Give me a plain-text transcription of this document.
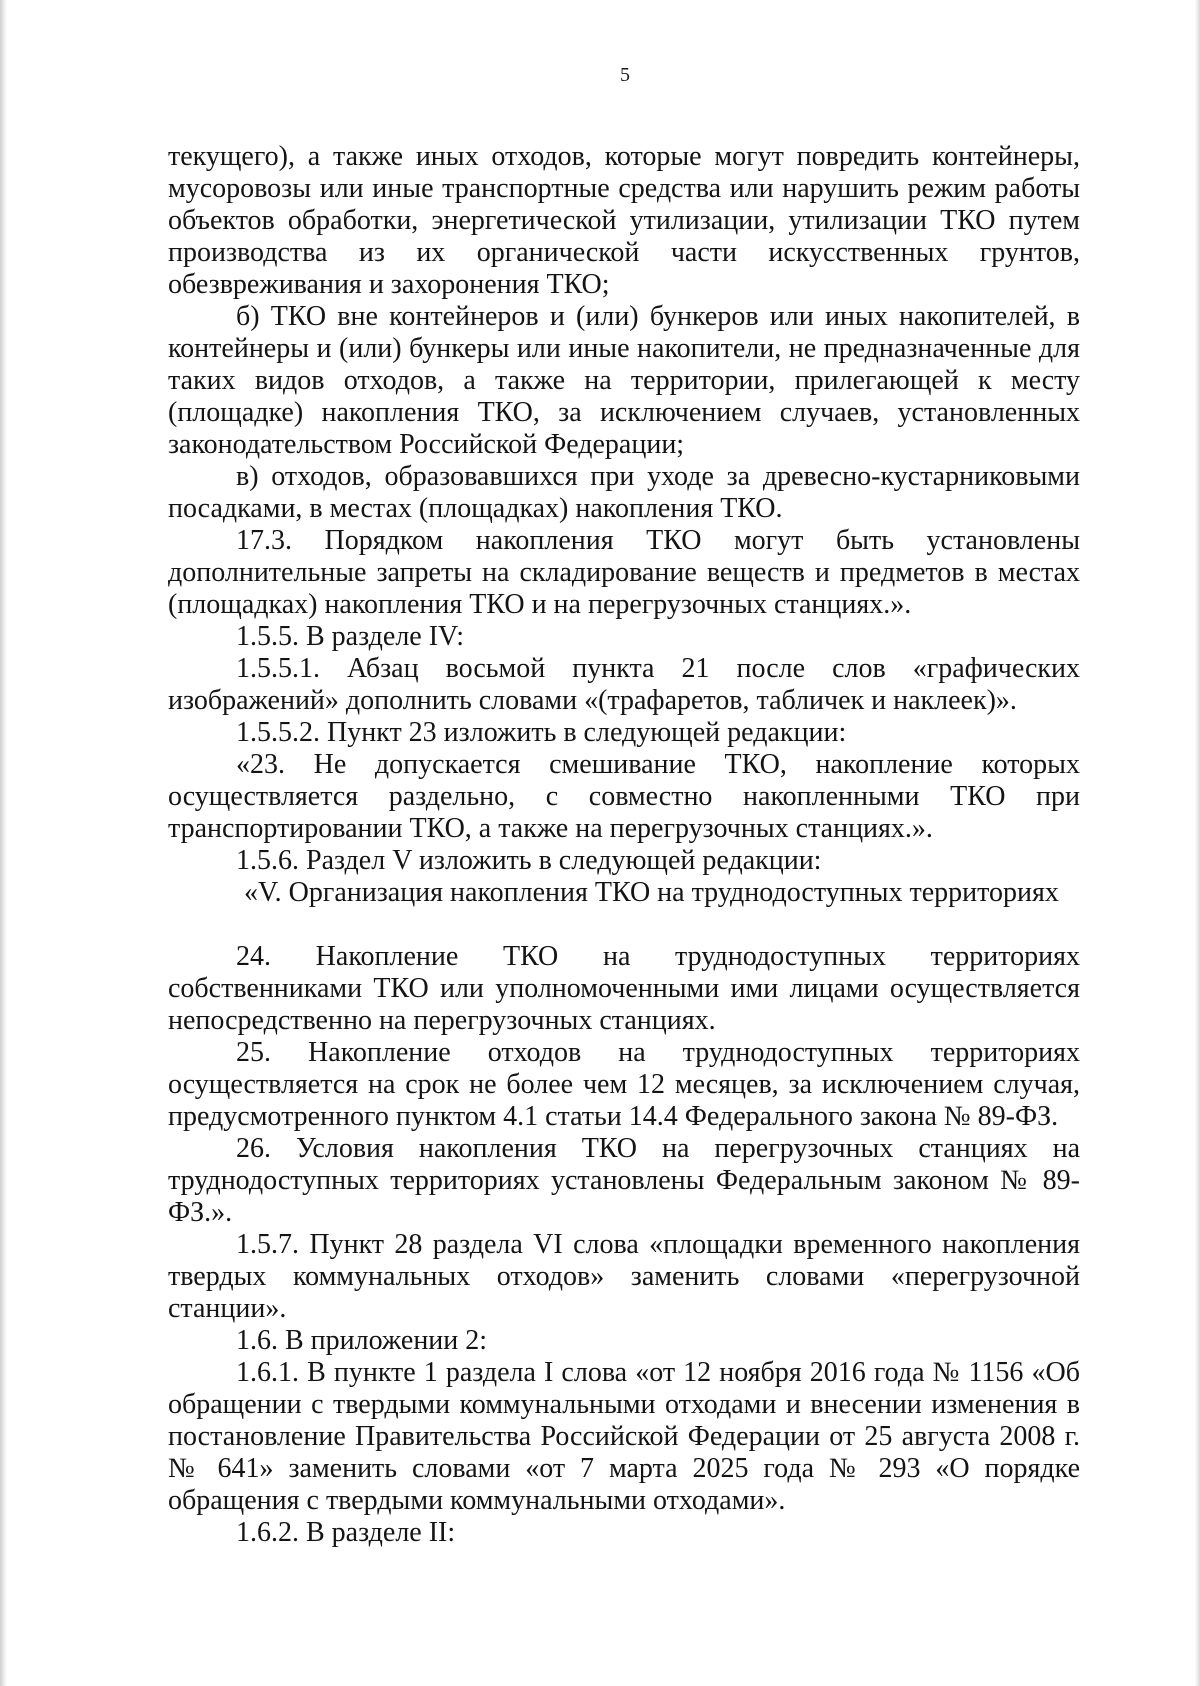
5

текущего), а также иных отходов, которые могут повредить контейнеры, мусоровозы или иные транспортные средства или нарушить режим работы объектов обработки, энергетической утилизации, утилизации ТКО путем производства из их органической части искусственных грунтов, обезвреживания и захоронения ТКО;

б) ТКО вне контейнеров и (или) бункеров или иных накопителей, в контейнеры и (или) бункеры или иные накопители, не предназначенные для таких видов отходов, а также на территории, прилегающей к месту (площадке) накопления ТКО, за исключением случаев, установленных законодательством Российской Федерации;

в) отходов, образовавшихся при уходе за древесно-кустарниковыми посадками, в местах (площадках) накопления ТКО.

17.3. Порядком накопления ТКО могут быть установлены дополнительные запреты на складирование веществ и предметов в местах (площадках) накопления ТКО и на перегрузочных станциях.».

1.5.5. В разделе IV:

1.5.5.1. Абзац восьмой пункта 21 после слов «графических изображений» дополнить словами «(трафаретов, табличек и наклеек)».

1.5.5.2. Пункт 23 изложить в следующей редакции:

«23. Не допускается смешивание ТКО, накопление которых осуществляется раздельно, с совместно накопленными ТКО при транспортировании ТКО, а также на перегрузочных станциях.».

1.5.6. Раздел V изложить в следующей редакции:

«V. Организация накопления ТКО на труднодоступных территориях

24. Накопление ТКО на труднодоступных территориях собственниками ТКО или уполномоченными ими лицами осуществляется непосредственно на перегрузочных станциях.

25. Накопление отходов на труднодоступных территориях осуществляется на срок не более чем 12 месяцев, за исключением случая, предусмотренного пунктом 4.1 статьи 14.4 Федерального закона № 89-ФЗ.

26. Условия накопления ТКО на перегрузочных станциях на труднодоступных территориях установлены Федеральным законом № 89-ФЗ.».

1.5.7. Пункт 28 раздела VI слова «площадки временного накопления твердых коммунальных отходов» заменить словами «перегрузочной станции».

1.6. В приложении 2:

1.6.1. В пункте 1 раздела I слова «от 12 ноября 2016 года № 1156 «Об обращении с твердыми коммунальными отходами и внесении изменения в постановление Правительства Российской Федерации от 25 августа 2008 г. № 641» заменить словами «от 7 марта 2025 года № 293 «О порядке обращения с твердыми коммунальными отходами».

1.6.2. В разделе II:
